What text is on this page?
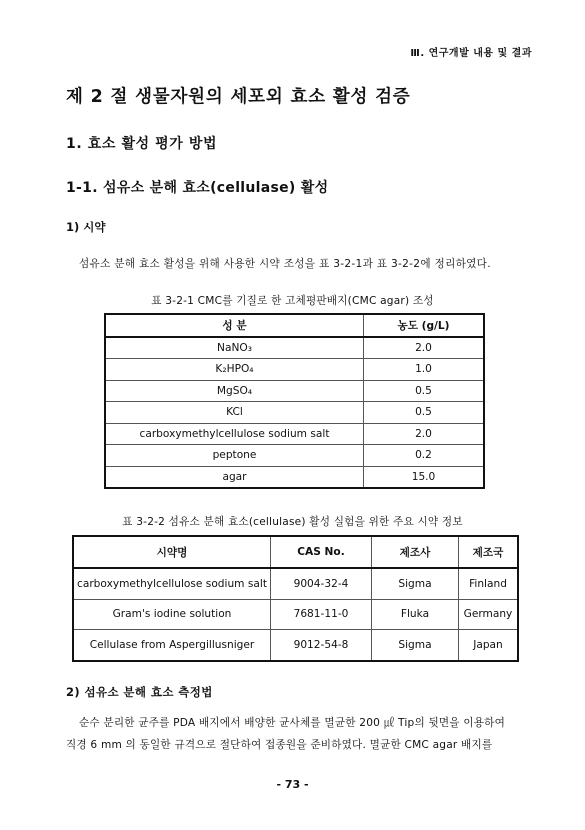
Ⅲ. 연구개발 내용 및 결과
제 2 절 생물자원의 세포외 효소 활성 검증
1. 효소 활성 평가 방법
1-1. 섬유소 분해 효소(cellulase) 활성
1) 시약
섬유소 분해 효소 활성을 위해 사용한 시약 조성을 표 3-2-1과 표 3-2-2에 정리하였다.
표 3-2-1 CMC를 기질로 한 고체평판배지(CMC agar) 조성
성 분	농도 (g/L)
NaNO₃	2.0
K₂HPO₄	1.0
MgSO₄	0.5
KCl	0.5
carboxymethylcellulose sodium salt	2.0
peptone	0.2
agar	15.0
표 3-2-2 섬유소 분해 효소(cellulase) 활성 실험을 위한 주요 시약 정보
시약명	CAS No.	제조사	제조국
carboxymethylcellulose sodium salt	9004-32-4	Sigma	Finland
Gram's iodine solution	7681-11-0	Fluka	Germany
Cellulase from Aspergillusniger	9012-54-8	Sigma	Japan
2) 섬유소 분해 효소 측정법
순수 분리한 균주를 PDA 배지에서 배양한 균사체를 멸균한 200 ㎕ Tip의 뒷면을 이용하여
직경 6 mm 의 동일한 규격으로 절단하여 접종원을 준비하였다. 멸균한 CMC agar 배지를
- 73 -
